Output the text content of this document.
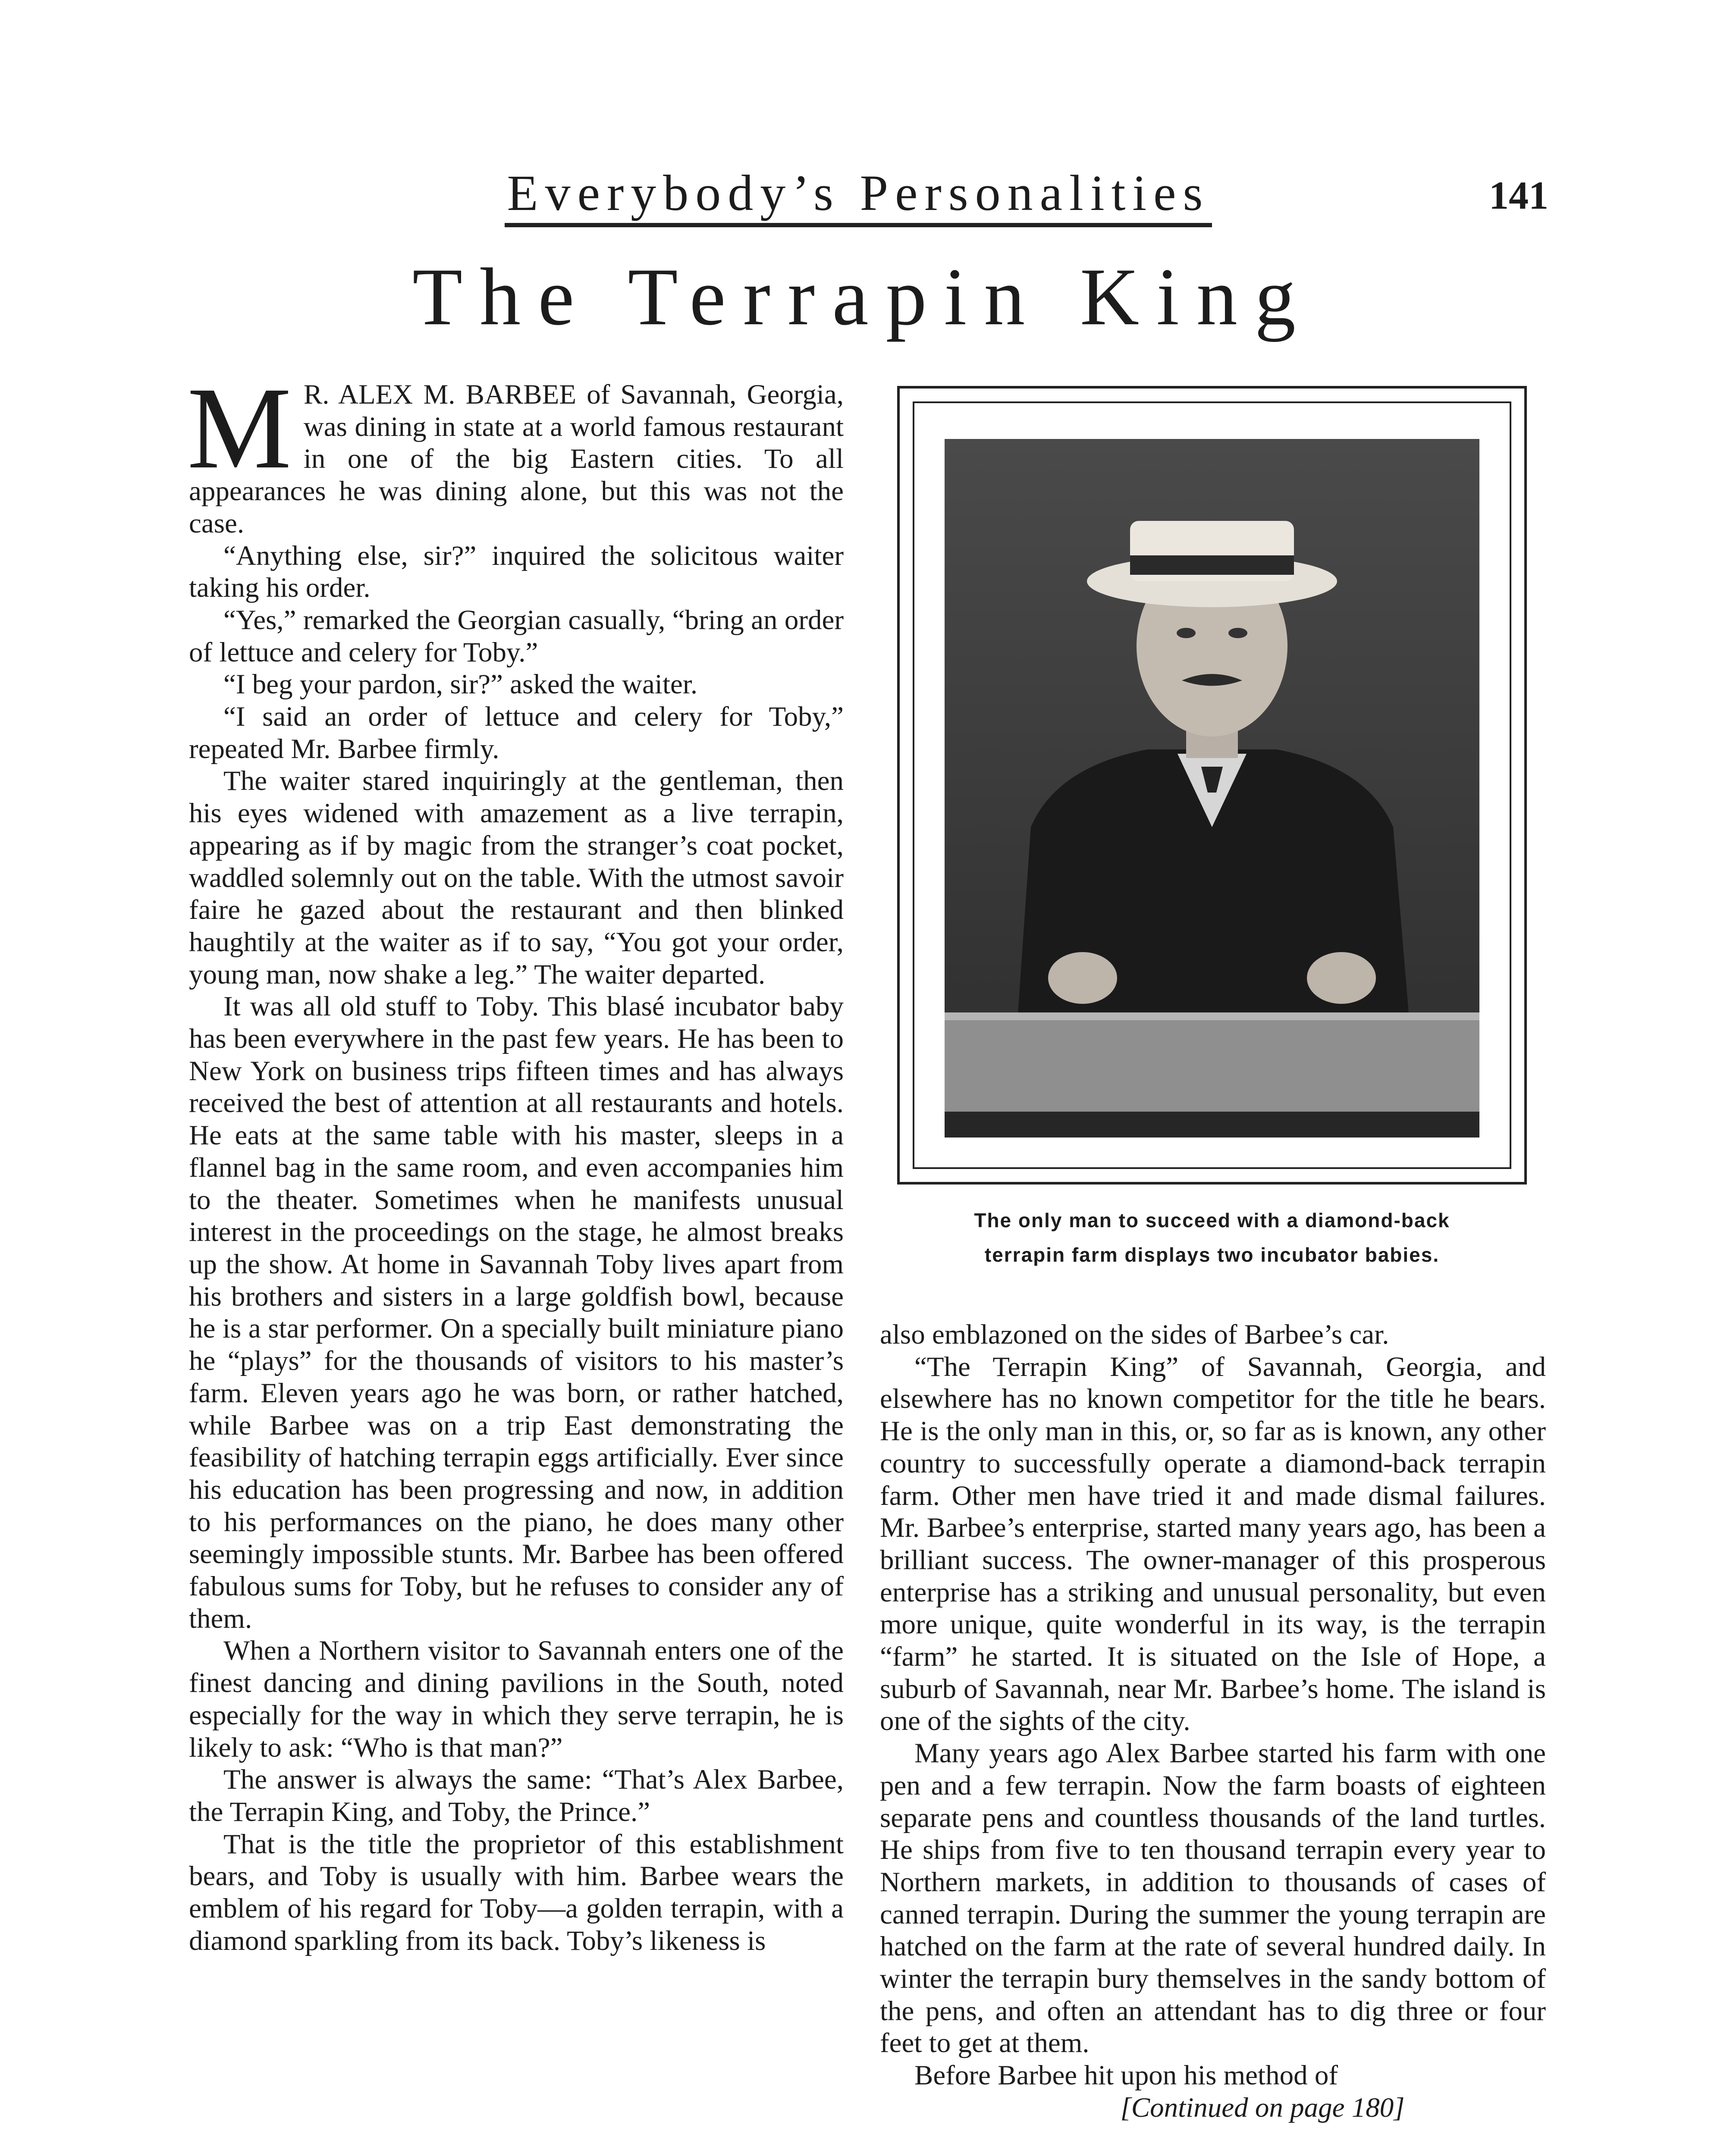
Everybody’s Personalities	141
The Terrapin King

M R. ALEX M. BARBEE of Savannah, Georgia, was dining in state at a world famous restaurant in one of the big Eastern cities. To all appearances he was dining alone, but this was not the case.

“Anything else, sir?” inquired the solicitous waiter taking his order.

“Yes,” remarked the Georgian casually, “bring an order of lettuce and celery for Toby.”

“I beg your pardon, sir?” asked the waiter.

“I said an order of lettuce and celery for Toby,” repeated Mr. Barbee firmly.

The waiter stared inquiringly at the gentleman, then his eyes widened with amazement as a live terrapin, appearing as if by magic from the stranger’s coat pocket, waddled solemnly out on the table. With the utmost savoir faire he gazed about the restaurant and then blinked haughtily at the waiter as if to say, “You got your order, young man, now shake a leg.” The waiter departed.

It was all old stuff to Toby. This blasé incubator baby has been everywhere in the past few years. He has been to New York on business trips fifteen times and has always received the best of attention at all restaurants and hotels. He eats at the same table with his master, sleeps in a flannel bag in the same room, and even accompanies him to the theater. Sometimes when he manifests unusual interest in the proceedings on the stage, he almost breaks up the show. At home in Savannah Toby lives apart from his brothers and sisters in a large goldfish bowl, because he is a star performer. On a specially built miniature piano he “plays” for the thousands of visitors to his master’s farm. Eleven years ago he was born, or rather hatched, while Barbee was on a trip East demonstrating the feasibility of hatching terrapin eggs artificially. Ever since his education has been progressing and now, in addition to his performances on the piano, he does many other seemingly impossible stunts. Mr. Barbee has been offered fabulous sums for Toby, but he refuses to consider any of them.

When a Northern visitor to Savannah enters one of the finest dancing and dining pavilions in the South, noted especially for the way in which they serve terrapin, he is likely to ask: “Who is that man?”

The answer is always the same: “That’s Alex Barbee, the Terrapin King, and Toby, the Prince.”

That is the title the proprietor of this establishment bears, and Toby is usually with him. Barbee wears the emblem of his regard for Toby—a golden terrapin, with a diamond sparkling from its back. Toby’s likeness is

The only man to succeed with a diamond-back
terrapin farm displays two incubator babies.

also emblazoned on the sides of Barbee’s car.

“The Terrapin King” of Savannah, Georgia, and elsewhere has no known competitor for the title he bears. He is the only man in this, or, so far as is known, any other country to successfully operate a diamond-back terrapin farm. Other men have tried it and made dismal failures. Mr. Barbee’s enterprise, started many years ago, has been a brilliant success. The owner-manager of this prosperous enterprise has a striking and unusual personality, but even more unique, quite wonderful in its way, is the terrapin “farm” he started. It is situated on the Isle of Hope, a suburb of Savannah, near Mr. Barbee’s home. The island is one of the sights of the city.

Many years ago Alex Barbee started his farm with one pen and a few terrapin. Now the farm boasts of eighteen separate pens and countless thousands of the land turtles. He ships from five to ten thousand terrapin every year to Northern markets, in addition to thousands of cases of canned terrapin. During the summer the young terrapin are hatched on the farm at the rate of several hundred daily. In winter the terrapin bury themselves in the sandy bottom of the pens, and often an attendant has to dig three or four feet to get at them.

Before Barbee hit upon his method of

[Continued on page 180]
